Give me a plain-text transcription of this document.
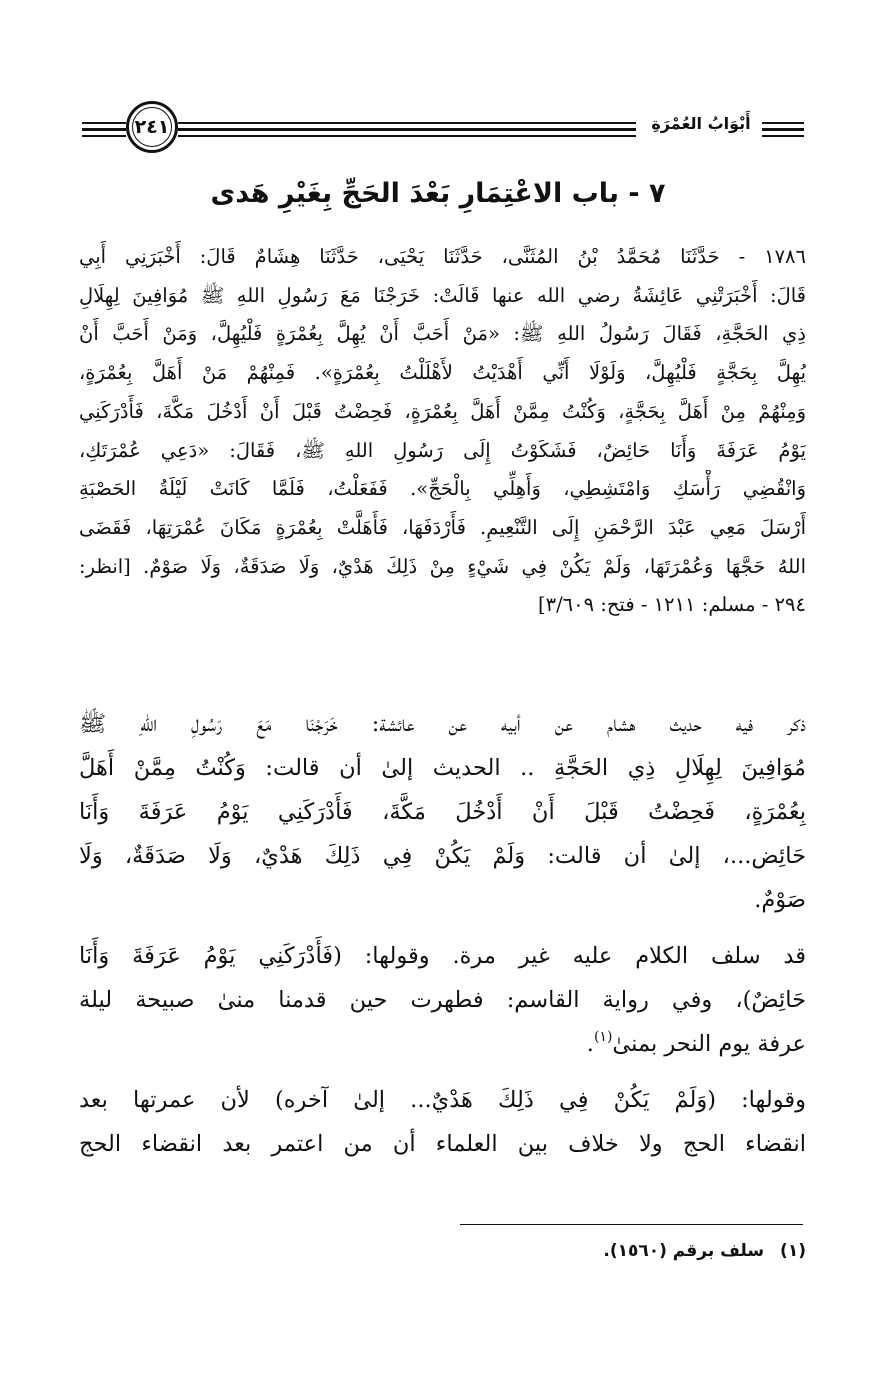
٢٤١	أَبْوَابُ العُمْرَةِ
٧ - باب الاعْتِمَارِ بَعْدَ الحَجِّ بِغَيْرِ هَدى
١٧٨٦ - حَدَّثَنَا مُحَمَّدُ بْنُ المُثَنَّى، حَدَّثَنَا يَحْيَى، حَدَّثَنَا هِشَامٌ قَالَ: أَخْبَرَنِي أَبِي
قَالَ: أَخْبَرَتْنِي عَائِشَةُ رضي الله عنها قَالَتْ: خَرَجْنَا مَعَ رَسُولِ اللهِ ﷺ مُوَافِينَ لِهِلَالِ
ذِي الحَجَّةِ، فَقَالَ رَسُولُ اللهِ ﷺ: «مَنْ أَحَبَّ أَنْ يُهِلَّ بِعُمْرَةٍ فَلْيُهِلَّ، وَمَنْ أَحَبَّ أَنْ
يُهِلَّ بِحَجَّةٍ فَلْيُهِلَّ، وَلَوْلَا أَنِّي أَهْدَيْتُ لأَهْلَلْتُ بِعُمْرَةٍ». فَمِنْهُمْ مَنْ أَهَلَّ بِعُمْرَةٍ،
وَمِنْهُمْ مِنْ أَهَلَّ بِحَجَّةٍ، وَكُنْتُ مِمَّنْ أَهَلَّ بِعُمْرَةٍ، فَحِضْتُ قَبْلَ أَنْ أَدْخُلَ مَكَّةَ، فَأَدْرَكَنِي
يَوْمُ عَرَفَةَ وَأَنَا حَائِضٌ، فَشَكَوْتُ إِلَى رَسُولِ اللهِ ﷺ، فَقَالَ: «دَعِي عُمْرَتَكِ،
وَانْقُضِي رَأْسَكِ وَامْتَشِطِي، وَأَهِلِّي بِالْحَجِّ». فَفَعَلْتُ، فَلَمَّا كَانَتْ لَيْلَةُ الحَصْبَةِ
أَرْسَلَ مَعِي عَبْدَ الرَّحْمَنِ إِلَى التَّنْعِيمِ. فَأَرْدَفَهَا، فَأَهَلَّتْ بِعُمْرَةٍ مَكَانَ عُمْرَتِهَا، فَقَضَى
اللهُ حَجَّهَا وَعُمْرَتَهَا، وَلَمْ يَكُنْ فِي شَيْءٍ مِنْ ذَلِكَ هَدْيٌ، وَلَا صَدَقَةٌ، وَلَا صَوْمٌ. [انظر:
٢٩٤ - مسلم: ١٢١١ - فتح: ٣/٦٠٩]

ذكر فيه حديث هشام عن أبيه عن عائشة: خَرَجْنَا مَعَ رَسُولِ اللهِ ﷺ
مُوَافِينَ لِهِلَالِ ذِي الحَجَّةِ .. الحديث إلىٰ أن قالت: وَكُنْتُ مِمَّنْ أَهَلَّ
بِعُمْرَةٍ، فَحِضْتُ قَبْلَ أَنْ أَدْخُلَ مَكَّةَ، فَأَدْرَكَنِي يَوْمُ عَرَفَةَ وَأَنَا
حَائِض...، إلىٰ أن قالت: وَلَمْ يَكُنْ فِي ذَلِكَ هَدْيٌ، وَلَا صَدَقَةٌ، وَلَا
صَوْمٌ.

قد سلف الكلام عليه غير مرة. وقولها: (فَأَدْرَكَنِي يَوْمُ عَرَفَةَ وَأَنَا
حَائِضٌ)، وفي رواية القاسم: فطهرت حين قدمنا منىٰ صبيحة ليلة
عرفة يوم النحر بمنىٰ$^{(١)}$.

وقولها: (وَلَمْ يَكُنْ فِي ذَلِكَ هَدْيٌ... إلىٰ آخره) لأن عمرتها بعد
انقضاء الحج ولا خلاف بين العلماء أن من اعتمر بعد انقضاء الحج

(١)سلف برقم (١٥٦٠).
